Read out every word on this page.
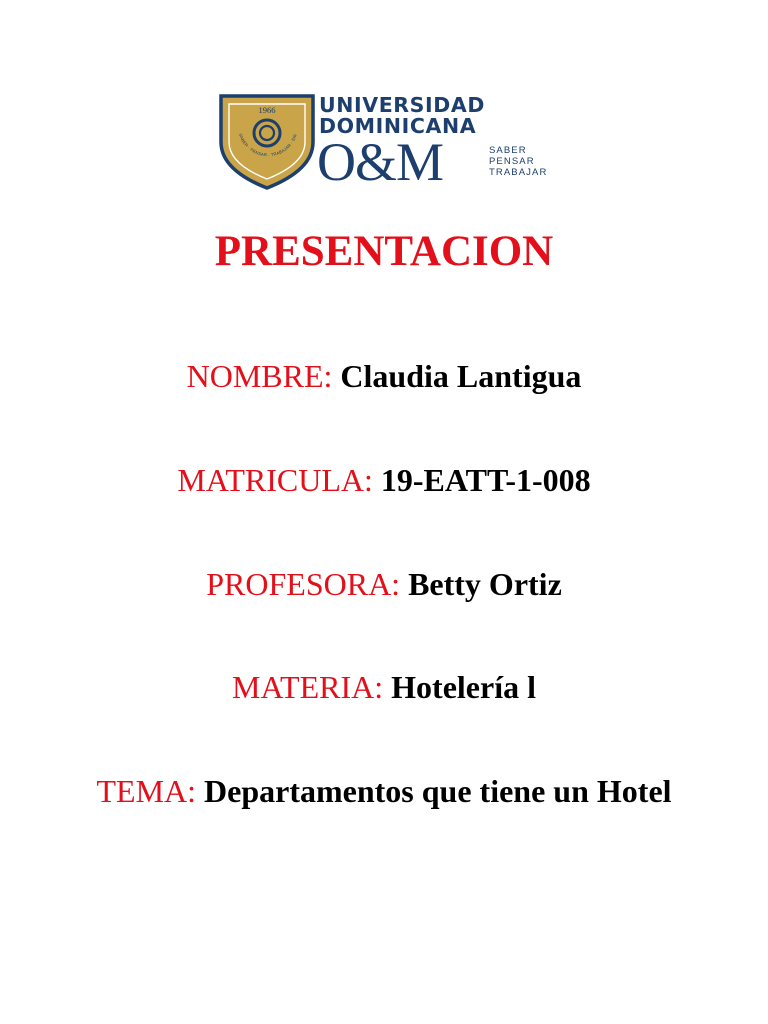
1966
SABER · PENSAR · TRABAJAR · SIR
UNIVERSIDAD
DOMINICANA
O&M	SABER
PENSAR
TRABAJAR
PRESENTACION
NOMBRE: Claudia Lantigua
MATRICULA: 19-EATT-1-008
PROFESORA: Betty Ortiz
MATERIA: Hotelería l
TEMA: Departamentos que tiene un Hotel
